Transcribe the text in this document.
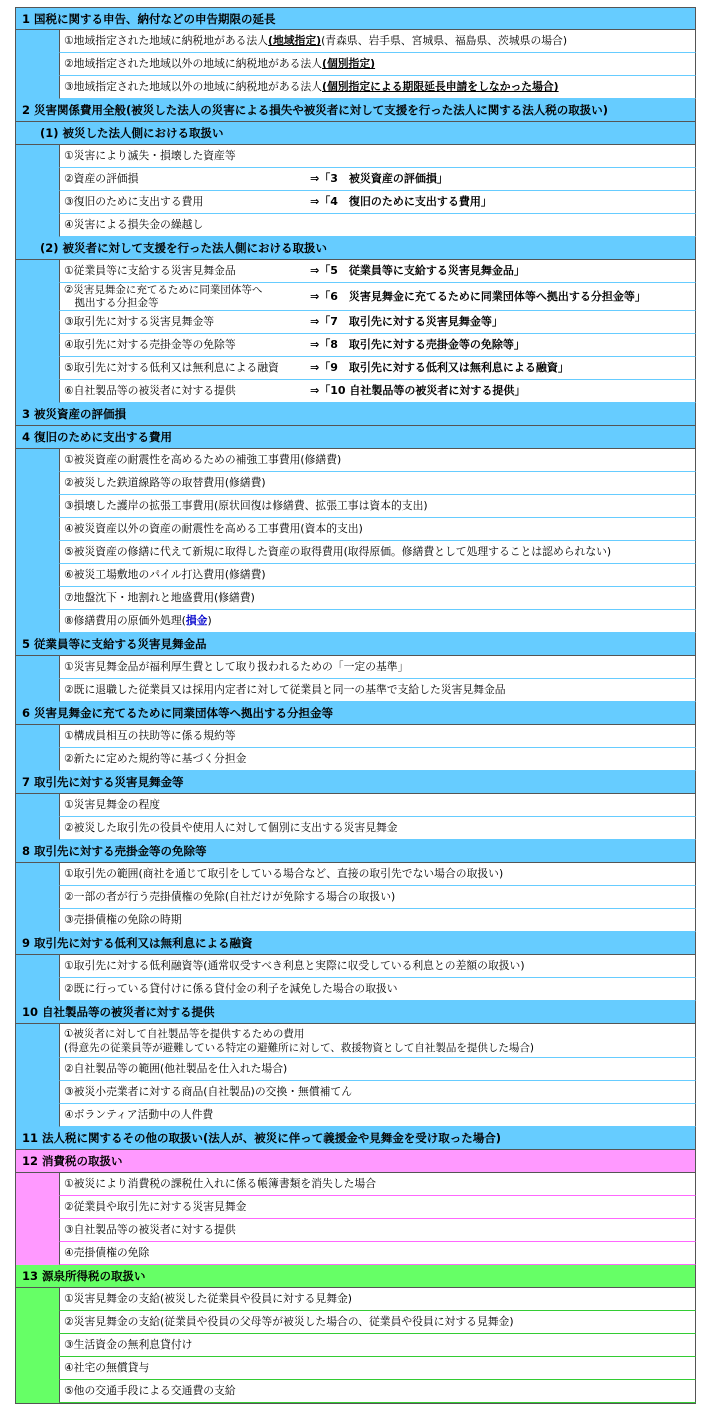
1 国税に関する申告、納付などの申告期限の延長
①地域指定された地域に納税地がある法人(地域指定)(青森県、岩手県、宮城県、福島県、茨城県の場合)
②地域指定された地域以外の地域に納税地がある法人(個別指定)
③地域指定された地域以外の地域に納税地がある法人(個別指定による期限延長申請をしなかった場合)
2 災害関係費用全般(被災した法人の災害による損失や被災者に対して支援を行った法人に関する法人税の取扱い)
(1) 被災した法人側における取扱い
①災害により滅失・損壊した資産等
②資産の評価損	⇒「3　被災資産の評価損」
③復旧のために支出する費用	⇒「4　復旧のために支出する費用」
④災害による損失金の繰越し
(2) 被災者に対して支援を行った法人側における取扱い
①従業員等に支給する災害見舞金品	⇒「5　従業員等に支給する災害見舞金品」
②災害見舞金に充てるために同業団体等へ
　拠出する分担金等	⇒「6　災害見舞金に充てるために同業団体等へ拠出する分担金等」
③取引先に対する災害見舞金等	⇒「7　取引先に対する災害見舞金等」
④取引先に対する売掛金等の免除等	⇒「8　取引先に対する売掛金等の免除等」
⑤取引先に対する低利又は無利息による融資	⇒「9　取引先に対する低利又は無利息による融資」
⑥自社製品等の被災者に対する提供	⇒「10 自社製品等の被災者に対する提供」
3 被災資産の評価損
4 復旧のために支出する費用
①被災資産の耐震性を高めるための補強工事費用(修繕費)
②被災した鉄道線路等の取替費用(修繕費)
③損壊した護岸の拡張工事費用(原状回復は修繕費、拡張工事は資本的支出)
④被災資産以外の資産の耐震性を高める工事費用(資本的支出)
⑤被災資産の修繕に代えて新規に取得した資産の取得費用(取得原価。修繕費として処理することは認められない)
⑥被災工場敷地のパイル打込費用(修繕費)
⑦地盤沈下・地割れと地盛費用(修繕費)
⑧修繕費用の原価外処理(損金)
5 従業員等に支給する災害見舞金品
①災害見舞金品が福利厚生費として取り扱われるための「一定の基準」
②既に退職した従業員又は採用内定者に対して従業員と同一の基準で支給した災害見舞金品
6 災害見舞金に充てるために同業団体等へ拠出する分担金等
①構成員相互の扶助等に係る規約等
②新たに定めた規約等に基づく分担金
7 取引先に対する災害見舞金等
①災害見舞金の程度
②被災した取引先の役員や使用人に対して個別に支出する災害見舞金
8 取引先に対する売掛金等の免除等
①取引先の範囲(商社を通じて取引をしている場合など、直接の取引先でない場合の取扱い)
②一部の者が行う売掛債権の免除(自社だけが免除する場合の取扱い)
③売掛債権の免除の時期
9 取引先に対する低利又は無利息による融資
①取引先に対する低利融資等(通常収受すべき利息と実際に収受している利息との差額の取扱い)
②既に行っている貸付けに係る貸付金の利子を減免した場合の取扱い
10 自社製品等の被災者に対する提供
①被災者に対して自社製品等を提供するための費用
(得意先の従業員等が避難している特定の避難所に対して、救援物資として自社製品を提供した場合)
②自社製品等の範囲(他社製品を仕入れた場合)
③被災小売業者に対する商品(自社製品)の交換・無償補てん
④ボランティア活動中の人件費
11 法人税に関するその他の取扱い(法人が、被災に伴って義援金や見舞金を受け取った場合)
12 消費税の取扱い
①被災により消費税の課税仕入れに係る帳簿書類を消失した場合
②従業員や取引先に対する災害見舞金
③自社製品等の被災者に対する提供
④売掛債権の免除
13 源泉所得税の取扱い
①災害見舞金の支給(被災した従業員や役員に対する見舞金)
②災害見舞金の支給(従業員や役員の父母等が被災した場合の、従業員や役員に対する見舞金)
③生活資金の無利息貸付け
④社宅の無償貸与
⑤他の交通手段による交通費の支給
